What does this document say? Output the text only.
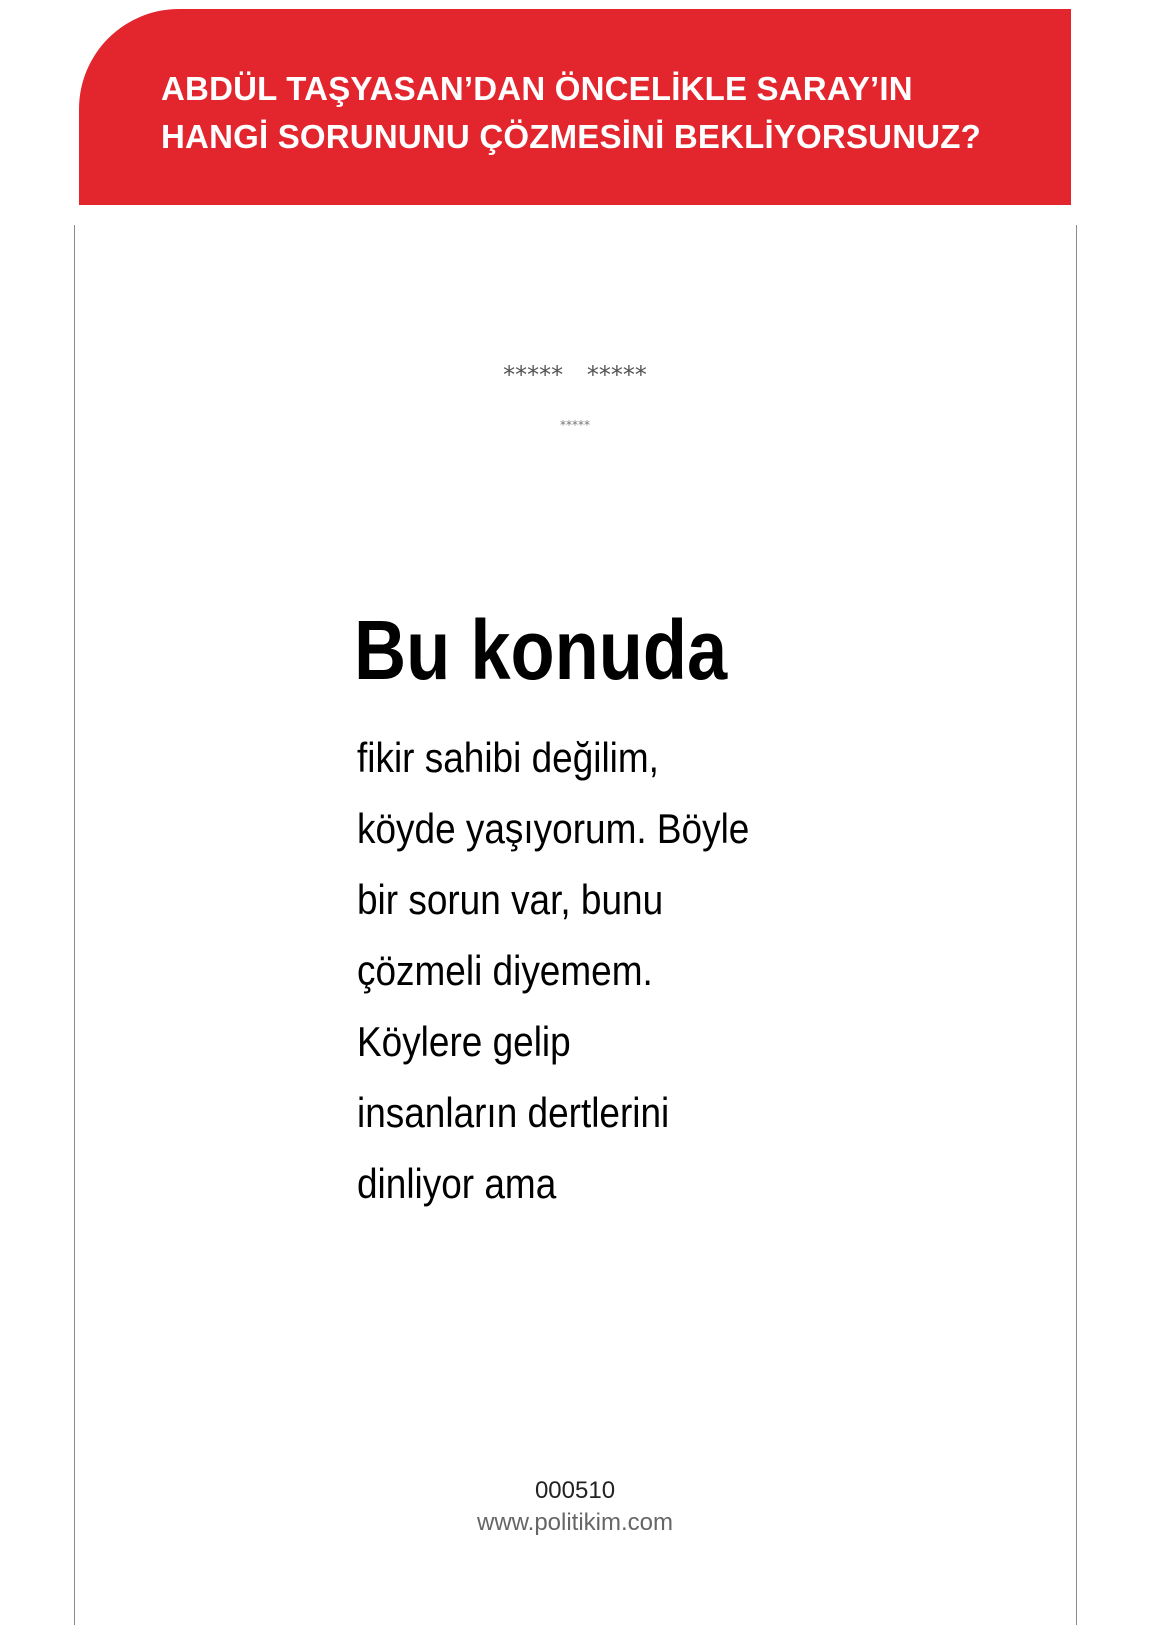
ABDÜL TAŞYASAN’DAN ÖNCELİKLE SARAY’IN
HANGİ SORUNUNU ÇÖZMESİNİ BEKLİYORSUNUZ?
***** *****
*****
Bu konuda
fikir sahibi değilim,
köyde yaşıyorum. Böyle
bir sorun var, bunu
çözmeli diyemem.
Köylere gelip
insanların dertlerini
dinliyor ama
000510
www.politikim.com
